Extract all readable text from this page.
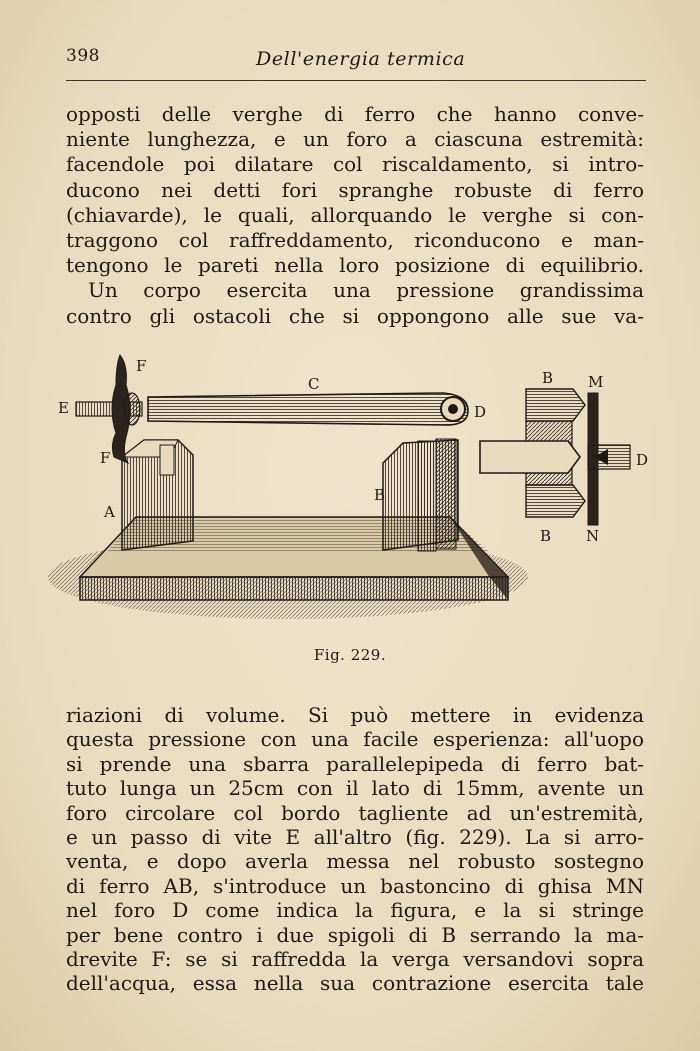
398	Dell'energia termica
opposti delle verghe di ferro che hanno conve-
niente lunghezza, e un foro a ciascuna estremità:
facendole poi dilatare col riscaldamento, si intro-
ducono nei detti fori spranghe robuste di ferro
(chiavarde), le quali, allorquando le verghe si con-
traggono col raffreddamento, riconducono e man-
tengono le pareti nella loro posizione di equilibrio.
Un corpo esercita una pressione grandissima
contro gli ostacoli che si oppongono alle sue va-
E
F
F
C
D
A
B
B M
D
B N
Fig. 229.
riazioni di volume. Si può mettere in evidenza
questa pressione con una facile esperienza: all'uopo
si prende una sbarra parallelepipeda di ferro bat-
tuto lunga un 25cm con il lato di 15mm, avente un
foro circolare col bordo tagliente ad un'estremità,
e un passo di vite E all'altro (fig. 229). La si arro-
venta, e dopo averla messa nel robusto sostegno
di ferro AB, s'introduce un bastoncino di ghisa MN
nel foro D come indica la figura, e la si stringe
per bene contro i due spigoli di B serrando la ma-
drevite F: se si raffredda la verga versandovi sopra
dell'acqua, essa nella sua contrazione esercita tale
